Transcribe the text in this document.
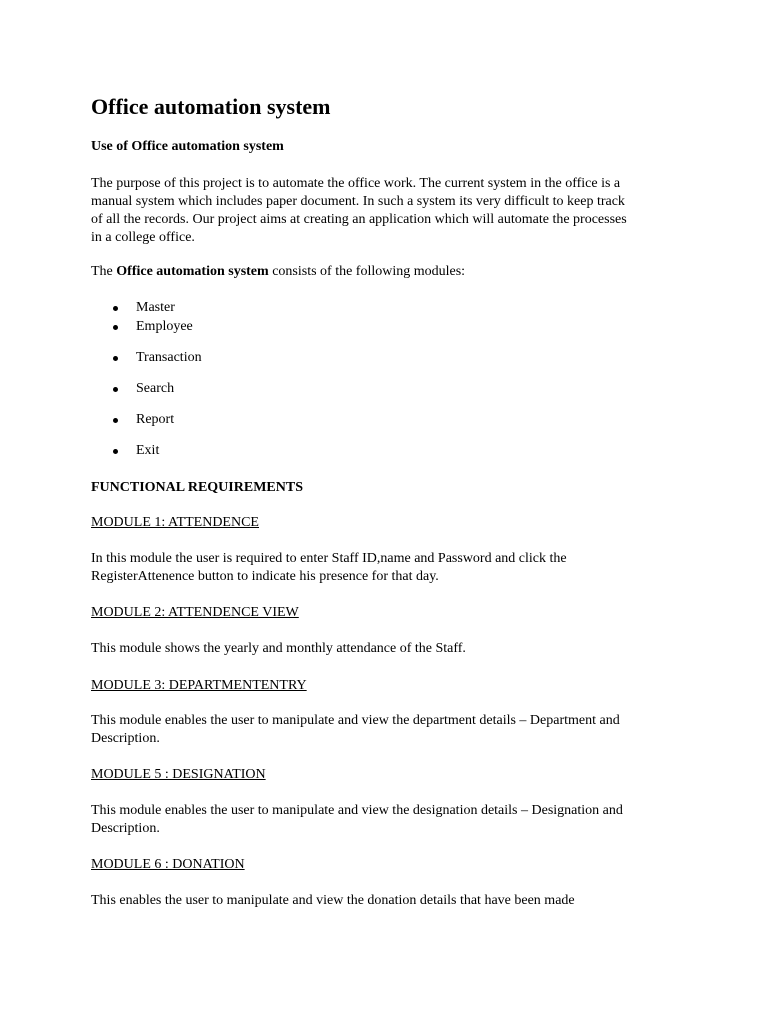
Office automation system

Use of Office automation system

The purpose of this project is to automate the office work. The current system in the office is a
manual system which includes paper document. In such a system its very difficult to keep track
of all the records. Our project aims at creating an application which will automate the processes
in a college office.

The Office automation system consists of the following modules:

Master
Employee
Transaction
Search
Report
Exit

FUNCTIONAL REQUIREMENTS

MODULE 1: ATTENDENCE

In this module the user is required to enter Staff ID,name and Password and click the
RegisterAttenence button to indicate his presence for that day.

MODULE 2: ATTENDENCE VIEW

This module shows the yearly and monthly attendance of the Staff.

MODULE 3: DEPARTMENTENTRY

This module enables the user to manipulate and view the department details – Department and
Description.

MODULE 5 : DESIGNATION

This module enables the user to manipulate and view the designation details – Designation and
Description.

MODULE 6 : DONATION

This enables the user to manipulate and view the donation details that have been made
